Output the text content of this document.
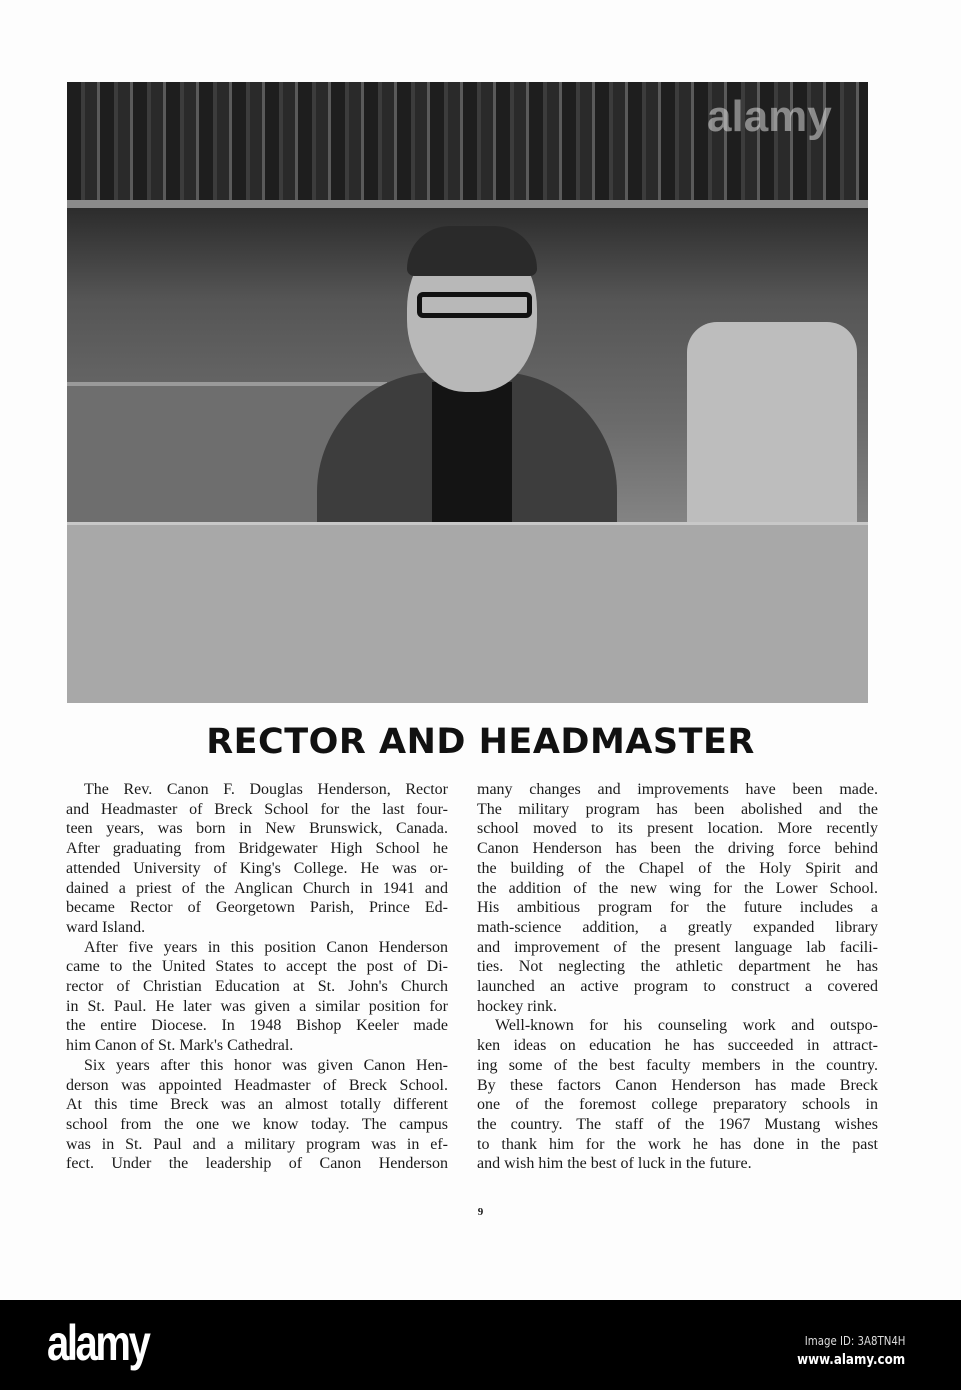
alamy
RECTOR AND HEADMASTER
The Rev. Canon F. Douglas Henderson, Rector
and Headmaster of Breck School for the last four-
teen years, was born in New Brunswick, Canada.
After graduating from Bridgewater High School he
attended University of King's College. He was or-
dained a priest of the Anglican Church in 1941 and
became Rector of Georgetown Parish, Prince Ed-
ward Island.
After five years in this position Canon Henderson
came to the United States to accept the post of Di-
rector of Christian Education at St. John's Church
in St. Paul. He later was given a similar position for
the entire Diocese. In 1948 Bishop Keeler made
him Canon of St. Mark's Cathedral.
Six years after this honor was given Canon Hen-
derson was appointed Headmaster of Breck School.
At this time Breck was an almost totally different
school from the one we know today. The campus
was in St. Paul and a military program was in ef-
fect. Under the leadership of Canon Henderson
many changes and improvements have been made.
The military program has been abolished and the
school moved to its present location. More recently
Canon Henderson has been the driving force behind
the building of the Chapel of the Holy Spirit and
the addition of the new wing for the Lower School.
His ambitious program for the future includes a
math-science addition, a greatly expanded library
and improvement of the present language lab facili-
ties. Not neglecting the athletic department he has
launched an active program to construct a covered
hockey rink.
Well-known for his counseling work and outspo-
ken ideas on education he has succeeded in attract-
ing some of the best faculty members in the country.
By these factors Canon Henderson has made Breck
one of the foremost college preparatory schools in
the country. The staff of the 1967 Mustang wishes
to thank him for the work he has done in the past
and wish him the best of luck in the future.
9
alamy	Image ID: 3A8TN4H
www.alamy.com
